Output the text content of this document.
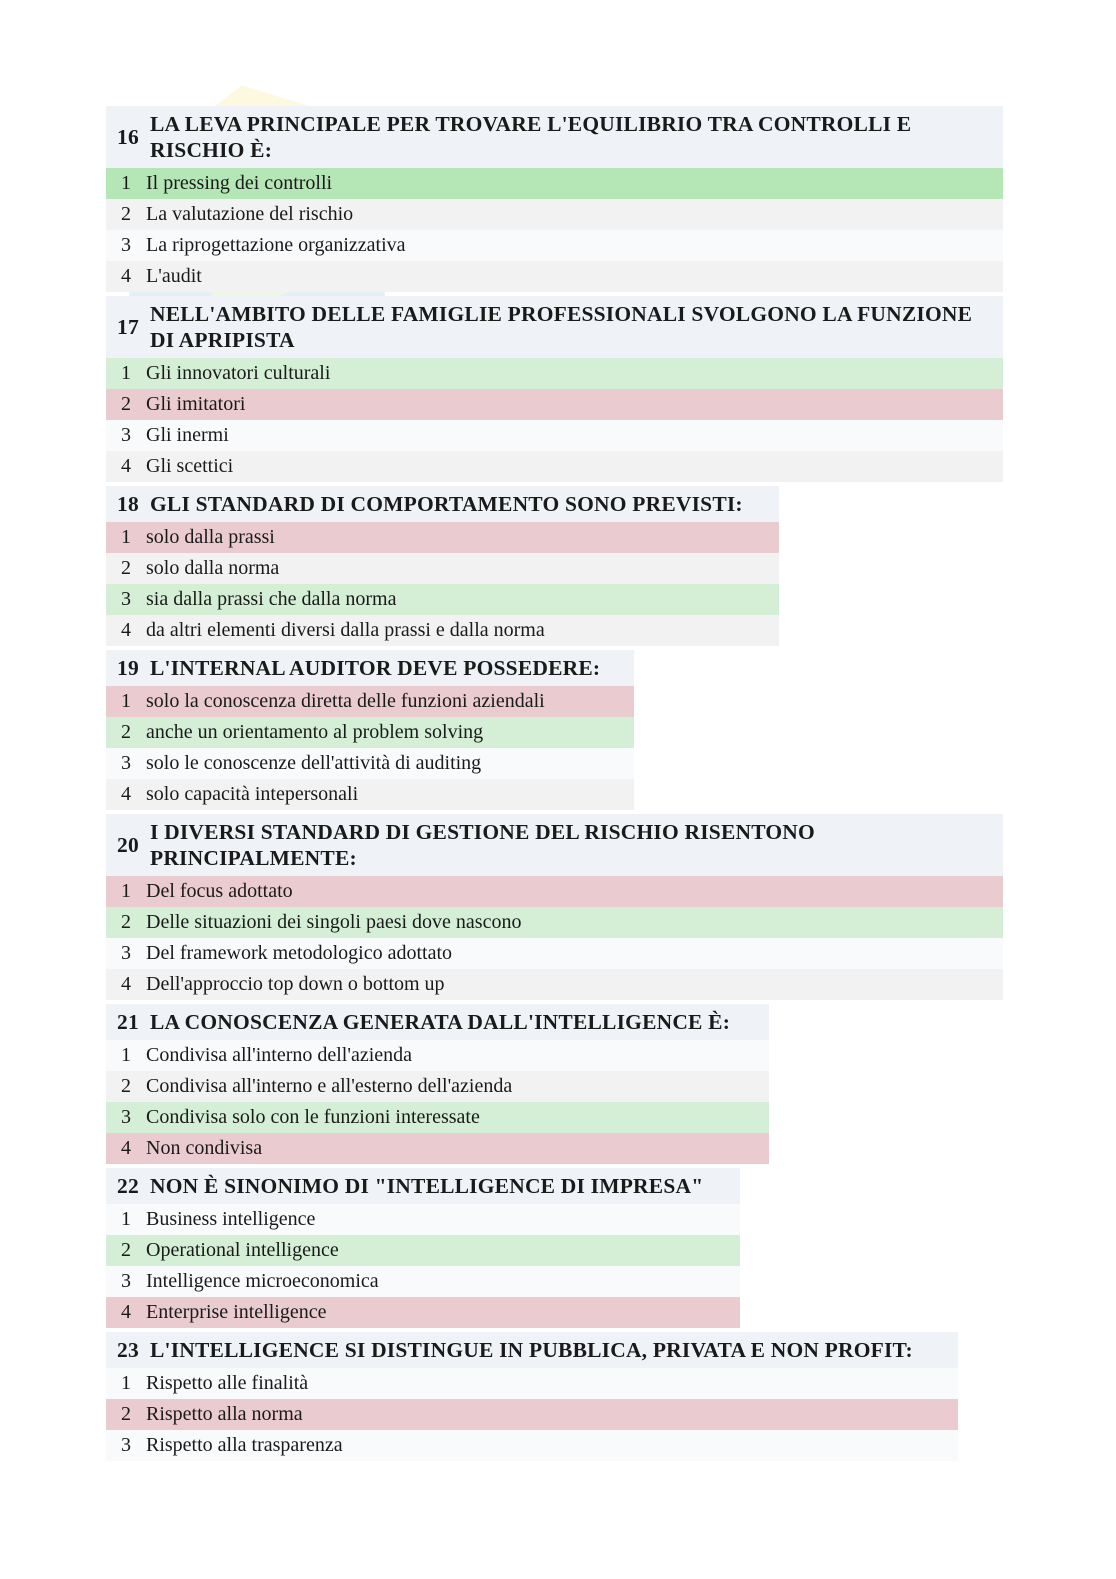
16
LA LEVA PRINCIPALE PER TROVARE L'EQUILIBRIO TRA CONTROLLI E RISCHIO È:
1 Il pressing dei controlli
2 La valutazione del rischio
3 La riprogettazione organizzativa
4 L'audit
17
NELL'AMBITO DELLE FAMIGLIE PROFESSIONALI SVOLGONO LA FUNZIONE DI APRIPISTA
1 Gli innovatori culturali
2 Gli imitatori
3 Gli inermi
4 Gli scettici
18 GLI STANDARD DI COMPORTAMENTO SONO PREVISTI:
1 solo dalla prassi
2 solo dalla norma
3 sia dalla prassi che dalla norma
4 da altri elementi diversi dalla prassi e dalla norma
19 L'INTERNAL AUDITOR DEVE POSSEDERE:
1 solo la conoscenza diretta delle funzioni aziendali
2 anche un orientamento al problem solving
3 solo le conoscenze dell'attività di auditing
4 solo capacità intepersonali
20
I DIVERSI STANDARD DI GESTIONE DEL RISCHIO RISENTONO PRINCIPALMENTE:
1 Del focus adottato
2 Delle situazioni dei singoli paesi dove nascono
3 Del framework metodologico adottato
4 Dell'approccio top down o bottom up
21 LA CONOSCENZA GENERATA DALL'INTELLIGENCE È:
1 Condivisa all'interno dell'azienda
2 Condivisa all'interno e all'esterno dell'azienda
3 Condivisa solo con le funzioni interessate
4 Non condivisa
22 NON È SINONIMO DI "INTELLIGENCE DI IMPRESA"
1 Business intelligence
2 Operational intelligence
3 Intelligence microeconomica
4 Enterprise intelligence
23 L'INTELLIGENCE SI DISTINGUE IN PUBBLICA, PRIVATA E NON PROFIT:
1 Rispetto alle finalità
2 Rispetto alla norma
3 Rispetto alla trasparenza
